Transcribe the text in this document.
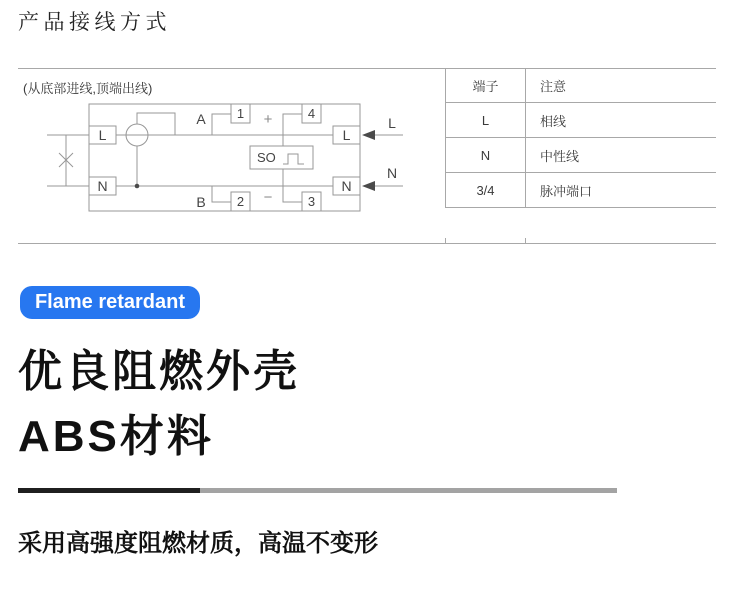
产品接线方式
(从底部进线,顶端出线)
L
N
A 1 +	4
SO
B 2 −	3
L
N
L
N
端子	注意
L	相线
N	中性线
3/4	脉冲端口
Flame retardant
优良阻燃外壳
ABS材料
采用高强度阻燃材质，高温不变形
